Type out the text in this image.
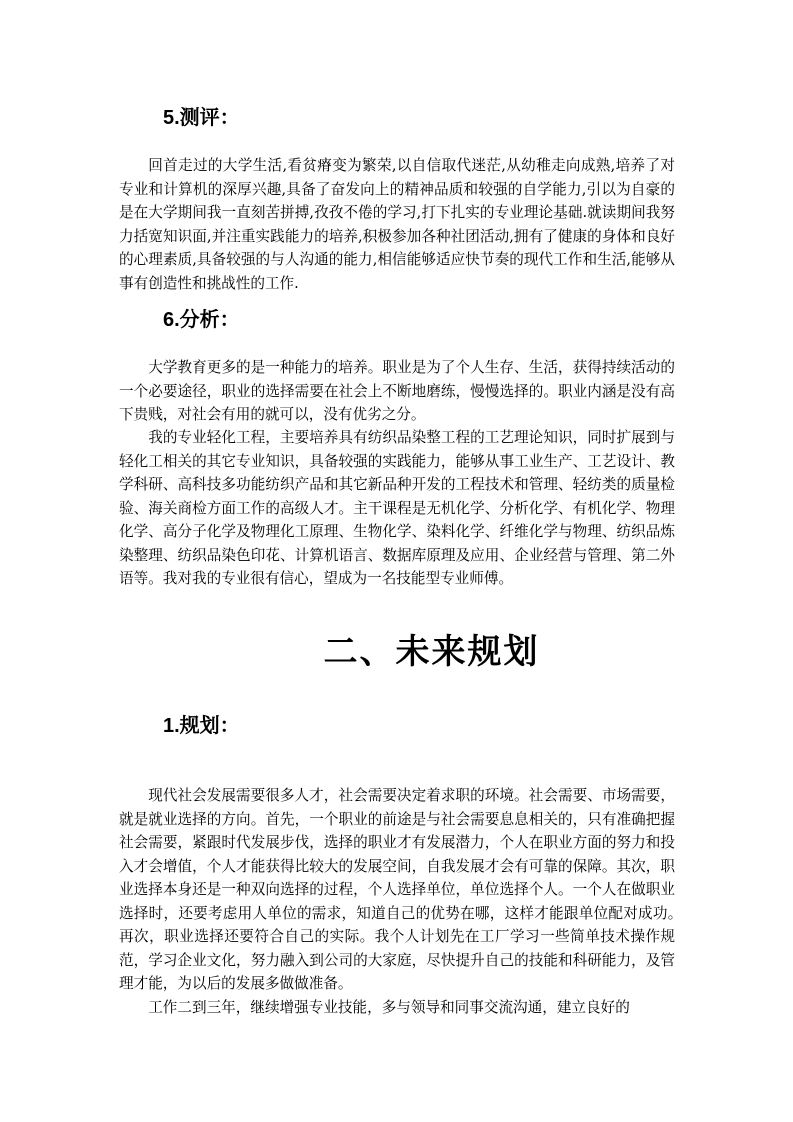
5.测评：

回首走过的大学生活,看贫瘠变为繁荣,以自信取代迷茫,从幼稚走向成熟,培养了对专业和计算机的深厚兴趣,具备了奋发向上的精神品质和较强的自学能力,引以为自豪的是在大学期间我一直刻苦拼搏,孜孜不倦的学习,打下扎实的专业理论基础.就读期间我努力括宽知识面,并注重实践能力的培养,积极参加各种社团活动,拥有了健康的身体和良好的心理素质,具备较强的与人沟通的能力,相信能够适应快节奏的现代工作和生活,能够从事有创造性和挑战性的工作.

6.分析：

大学教育更多的是一种能力的培养。职业是为了个人生存、生活，获得持续活动的一个必要途径，职业的选择需要在社会上不断地磨练，慢慢选择的。职业内涵是没有高下贵贱，对社会有用的就可以，没有优劣之分。

我的专业轻化工程，主要培养具有纺织品染整工程的工艺理论知识，同时扩展到与轻化工相关的其它专业知识，具备较强的实践能力，能够从事工业生产、工艺设计、教学科研、高科技多功能纺织产品和其它新品种开发的工程技术和管理、轻纺类的质量检验、海关商检方面工作的高级人才。主干课程是无机化学、分析化学、有机化学、物理化学、高分子化学及物理化工原理、生物化学、染料化学、纤维化学与物理、纺织品炼染整理、纺织品染色印花、计算机语言、数据库原理及应用、企业经营与管理、第二外语等。我对我的专业很有信心，望成为一名技能型专业师傅。

二、未来规划
1.规划：

现代社会发展需要很多人才，社会需要决定着求职的环境。社会需要、市场需要，就是就业选择的方向。首先，一个职业的前途是与社会需要息息相关的，只有准确把握社会需要，紧跟时代发展步伐，选择的职业才有发展潜力，个人在职业方面的努力和投入才会增值，个人才能获得比较大的发展空间，自我发展才会有可靠的保障。其次，职业选择本身还是一种双向选择的过程，个人选择单位，单位选择个人。一个人在做职业选择时，还要考虑用人单位的需求，知道自己的优势在哪，这样才能跟单位配对成功。　再次，职业选择还要符合自己的实际。我个人计划先在工厂学习一些简单技术操作规范，学习企业文化，努力融入到公司的大家庭，尽快提升自己的技能和科研能力，及管理才能，为以后的发展多做做准备。

工作二到三年，继续增强专业技能，多与领导和同事交流沟通，建立良好的
